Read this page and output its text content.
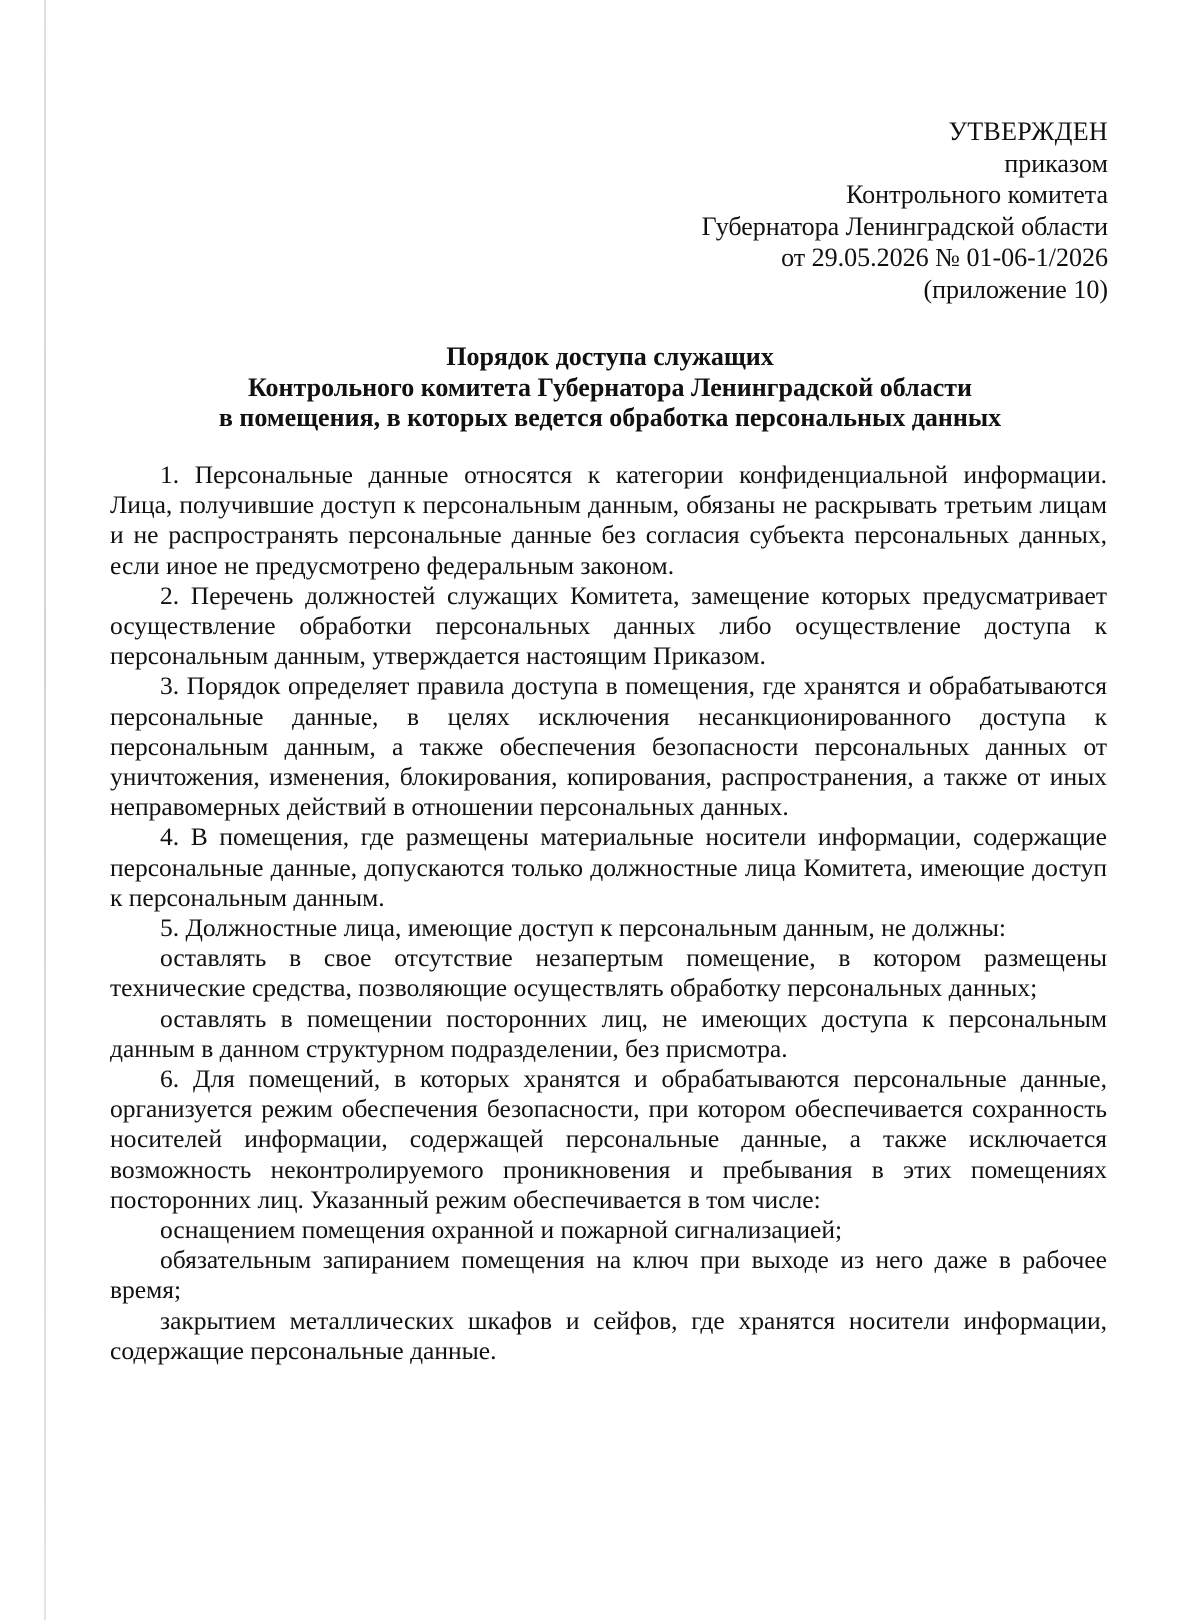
УТВЕРЖДЕН
приказом
Контрольного комитета
Губернатора Ленинградской области
от 29.05.2026 № 01-06-1/2026
(приложение 10)
Порядок доступа служащих
Контрольного комитета Губернатора Ленинградской области
в помещения, в которых ведется обработка персональных данных

1. Персональные данные относятся к категории конфиденциальной информации. Лица, получившие доступ к персональным данным, обязаны не раскрывать третьим лицам и не распространять персональные данные без согласия субъекта персональных данных, если иное не предусмотрено федеральным законом.

2. Перечень должностей служащих Комитета, замещение которых предусматривает осуществление обработки персональных данных либо осуществление доступа к персональным данным, утверждается настоящим Приказом.

3. Порядок определяет правила доступа в помещения, где хранятся и обрабатываются персональные данные, в целях исключения несанкционированного доступа к персональным данным, а также обеспечения безопасности персональных данных от уничтожения, изменения, блокирования, копирования, распространения, а также от иных неправомерных действий в отношении персональных данных.

4. В помещения, где размещены материальные носители информации, содержащие персональные данные, допускаются только должностные лица Комитета, имеющие доступ к персональным данным.

5. Должностные лица, имеющие доступ к персональным данным, не должны:

оставлять в свое отсутствие незапертым помещение, в котором размещены технические средства, позволяющие осуществлять обработку персональных данных;

оставлять в помещении посторонних лиц, не имеющих доступа к персональным данным в данном структурном подразделении, без присмотра.

6. Для помещений, в которых хранятся и обрабатываются персональные данные, организуется режим обеспечения безопасности, при котором обеспечивается сохранность носителей информации, содержащей персональные данные, а также исключается возможность неконтролируемого проникновения и пребывания в этих помещениях посторонних лиц. Указанный режим обеспечивается в том числе:

оснащением помещения охранной и пожарной сигнализацией;

обязательным запиранием помещения на ключ при выходе из него даже в рабочее время;

закрытием металлических шкафов и сейфов, где хранятся носители информации, содержащие персональные данные.
